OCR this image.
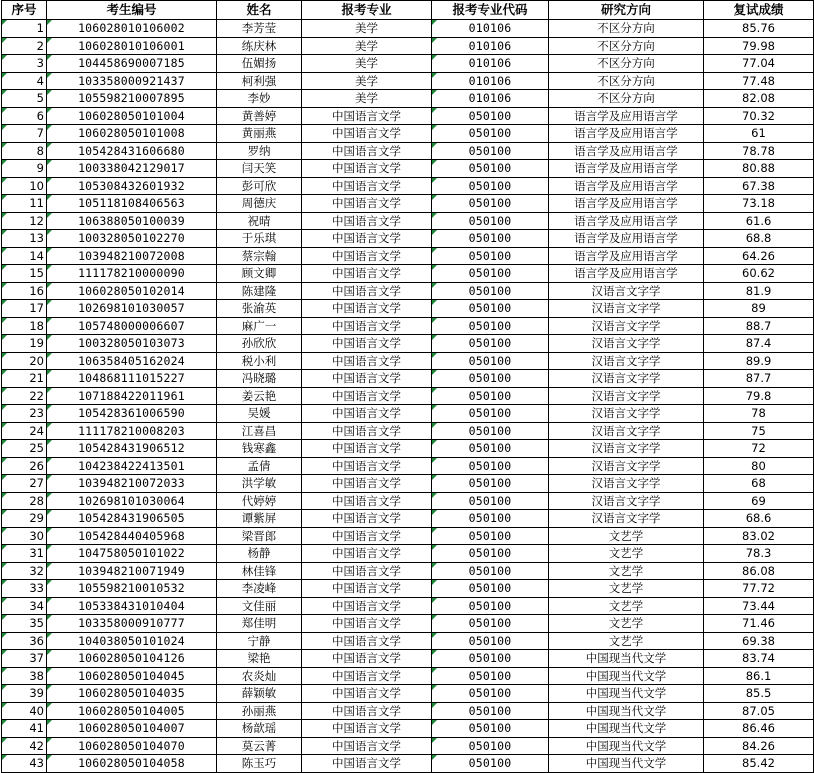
序号	考生编号	姓名	报考专业	报考专业代码	研究方向	复试成绩
1	106028010106002	李芳莹	美学	010106	不区分方向	85.76
2	106028010106001	练庆林	美学	010106	不区分方向	79.98
3	104458690007185	伍媚扬	美学	010106	不区分方向	77.04
4	103358000921437	柯利强	美学	010106	不区分方向	77.48
5	105598210007895	李妙	美学	010106	不区分方向	82.08
6	106028050101004	黄善婷	中国语言文学	050100	语言学及应用语言学	70.32
7	106028050101008	黄丽燕	中国语言文学	050100	语言学及应用语言学	61
8	105428431606680	罗纳	中国语言文学	050100	语言学及应用语言学	78.78
9	100338042129017	闫天笑	中国语言文学	050100	语言学及应用语言学	80.88
10	105308432601932	彭可欣	中国语言文学	050100	语言学及应用语言学	67.38
11	105118108406563	周德庆	中国语言文学	050100	语言学及应用语言学	73.18
12	106388050100039	祝晴	中国语言文学	050100	语言学及应用语言学	61.6
13	100328050102270	于乐琪	中国语言文学	050100	语言学及应用语言学	68.8
14	103948210072008	蔡宗翰	中国语言文学	050100	语言学及应用语言学	64.26
15	111178210000090	顾文卿	中国语言文学	050100	语言学及应用语言学	60.62
16	106028050102014	陈建隆	中国语言文学	050100	汉语言文字学	81.9
17	102698101030057	张渝英	中国语言文学	050100	汉语言文字学	89
18	105748000006607	麻广一	中国语言文学	050100	汉语言文字学	88.7
19	100328050103073	孙欣欣	中国语言文学	050100	汉语言文字学	87.4
20	106358405162024	税小利	中国语言文学	050100	汉语言文字学	89.9
21	104868111015227	冯晓璐	中国语言文学	050100	汉语言文字学	87.7
22	107188422011961	姜云艳	中国语言文学	050100	汉语言文字学	79.8
23	105428361006590	吴媛	中国语言文学	050100	汉语言文字学	78
24	111178210008203	江喜昌	中国语言文学	050100	汉语言文字学	75
25	105428431906512	钱寒鑫	中国语言文学	050100	汉语言文字学	72
26	104238422413501	孟倩	中国语言文学	050100	汉语言文字学	80
27	103948210072033	洪学敏	中国语言文学	050100	汉语言文字学	68
28	102698101030064	代婷婷	中国语言文学	050100	汉语言文字学	69
29	105428431906505	谭紫屏	中国语言文学	050100	汉语言文字学	68.6
30	105428440405968	梁晋郎	中国语言文学	050100	文艺学	83.02
31	104758050101022	杨静	中国语言文学	050100	文艺学	78.3
32	103948210071949	林佳锋	中国语言文学	050100	文艺学	86.08
33	105598210010532	李凌峰	中国语言文学	050100	文艺学	77.72
34	105338431010404	文佳丽	中国语言文学	050100	文艺学	73.44
35	103358000910777	郑佳明	中国语言文学	050100	文艺学	71.46
36	104038050101024	宁静	中国语言文学	050100	文艺学	69.38
37	106028050104126	梁艳	中国语言文学	050100	中国现当代文学	83.74
38	106028050104045	农炎灿	中国语言文学	050100	中国现当代文学	86.1
39	106028050104035	薛颖敏	中国语言文学	050100	中国现当代文学	85.5
40	106028050104005	孙丽燕	中国语言文学	050100	中国现当代文学	87.05
41	106028050104007	杨歆瑶	中国语言文学	050100	中国现当代文学	86.46
42	106028050104070	莫云菁	中国语言文学	050100	中国现当代文学	84.26
43	106028050104058	陈玉巧	中国语言文学	050100	中国现当代文学	85.42
